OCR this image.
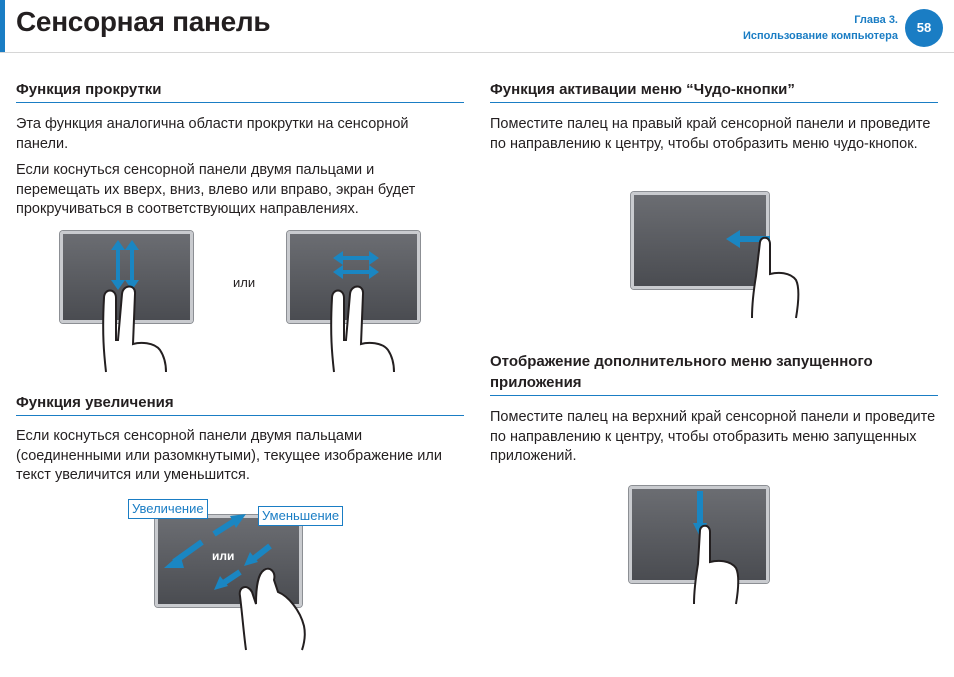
Сенсорная панель	Глава 3.
Использование компьютера
58
Функция прокрутки

Эта функция аналогична области прокрутки на сенсорной панели.

Если коснуться сенсорной панели двумя пальцами и перемещать их вверх, вниз, влево или вправо, экран будет прокручиваться в соответствующих направлениях.

или
Функция увеличения

Если коснуться сенсорной панели двумя пальцами (соединенными или разомкнутыми), текущее изображение или текст увеличится или уменьшится.

Увеличение	Уменьшение
или
Функция активации меню “Чудо-кнопки”

Поместите палец на правый край сенсорной панели и проведите по направлению к центру, чтобы отобразить меню чудо-кнопок.

Отображение дополнительного меню запущенного приложения

Поместите палец на верхний край сенсорной панели и проведите по направлению к центру, чтобы отобразить меню запущенных приложений.
